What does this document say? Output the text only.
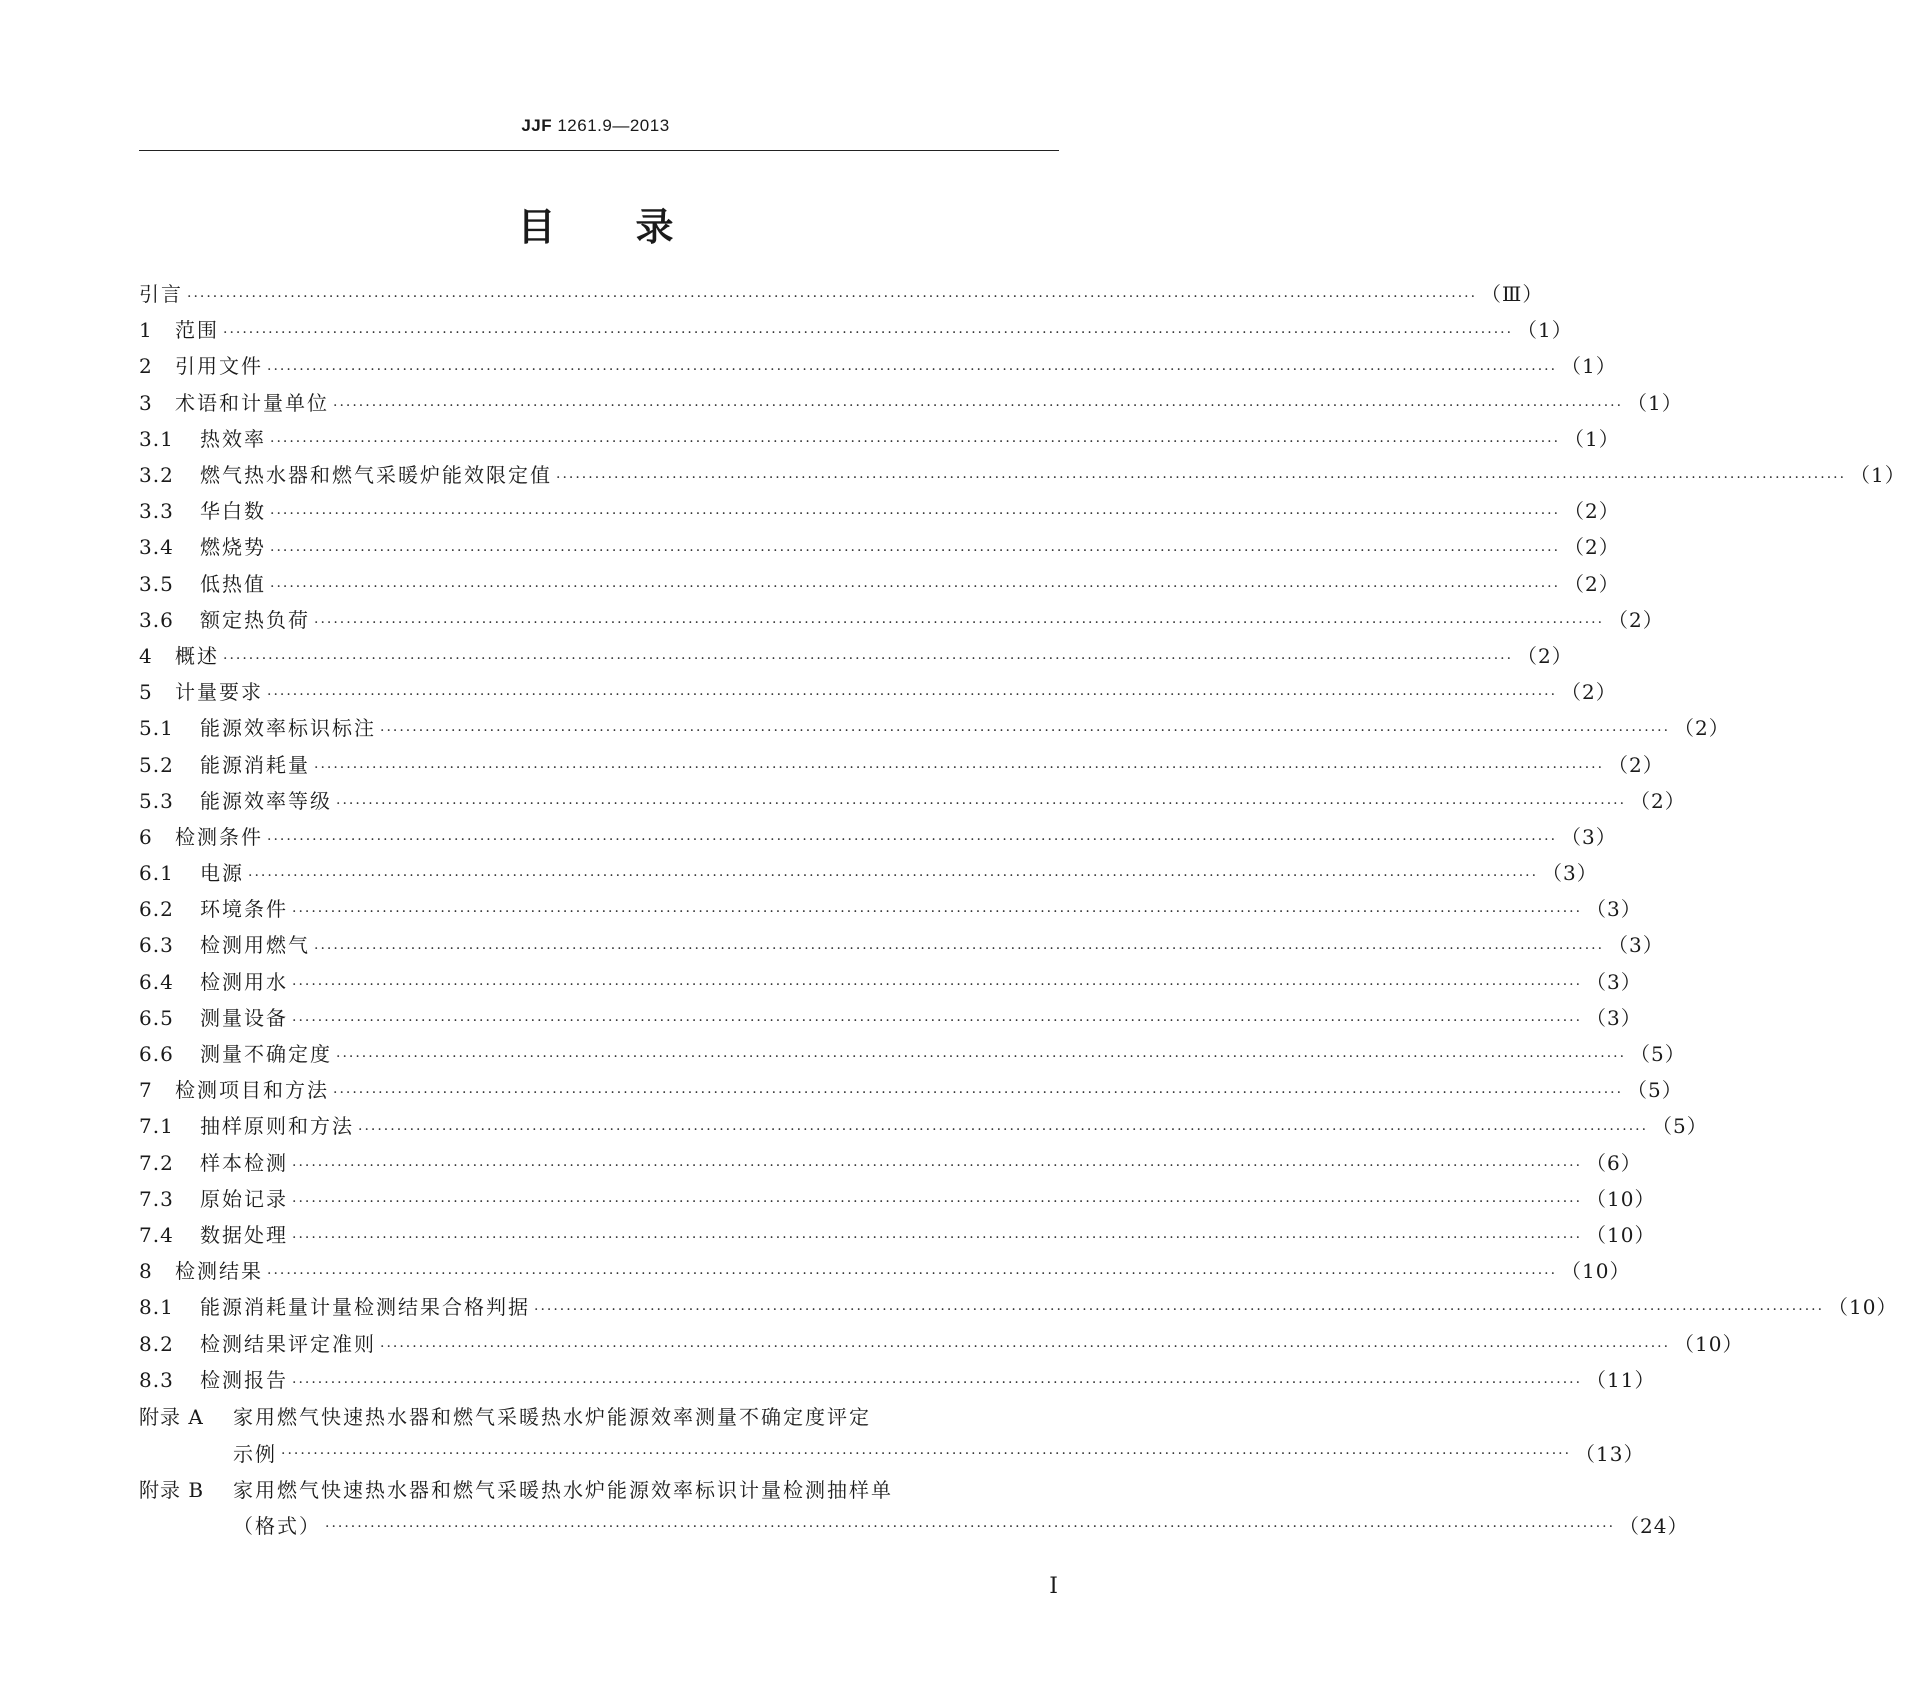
JJF 1261.9—2013
目 录
引言 ········································································································································································································ （Ⅲ）
1	范围 ········································································································································································································ （1）
2	引用文件 ········································································································································································································ （1）
3	术语和计量单位 ········································································································································································································ （1）
3.1	热效率 ········································································································································································································ （1）
3.2	燃气热水器和燃气采暖炉能效限定值 ········································································································································································································ （1）
3.3	华白数 ········································································································································································································ （2）
3.4	燃烧势 ········································································································································································································ （2）
3.5	低热值 ········································································································································································································ （2）
3.6	额定热负荷 ········································································································································································································ （2）
4	概述 ········································································································································································································ （2）
5	计量要求 ········································································································································································································ （2）
5.1	能源效率标识标注 ········································································································································································································ （2）
5.2	能源消耗量 ········································································································································································································ （2）
5.3	能源效率等级 ········································································································································································································ （2）
6	检测条件 ········································································································································································································ （3）
6.1	电源 ········································································································································································································ （3）
6.2	环境条件 ········································································································································································································ （3）
6.3	检测用燃气 ········································································································································································································ （3）
6.4	检测用水 ········································································································································································································ （3）
6.5	测量设备 ········································································································································································································ （3）
6.6	测量不确定度 ········································································································································································································ （5）
7	检测项目和方法 ········································································································································································································ （5）
7.1	抽样原则和方法 ········································································································································································································ （5）
7.2	样本检测 ········································································································································································································ （6）
7.3	原始记录 ········································································································································································································ （10）
7.4	数据处理 ········································································································································································································ （10）
8	检测结果 ········································································································································································································ （10）
8.1	能源消耗量计量检测结果合格判据 ········································································································································································································ （10）
8.2	检测结果评定准则 ········································································································································································································ （10）
8.3	检测报告 ········································································································································································································ （11）
附录 A	家用燃气快速热水器和燃气采暖热水炉能源效率测量不确定度评定
示例 ········································································································································································································ （13）
附录 B	家用燃气快速热水器和燃气采暖热水炉能源效率标识计量检测抽样单
（格式） ········································································································································································································ （24）
Ⅰ
